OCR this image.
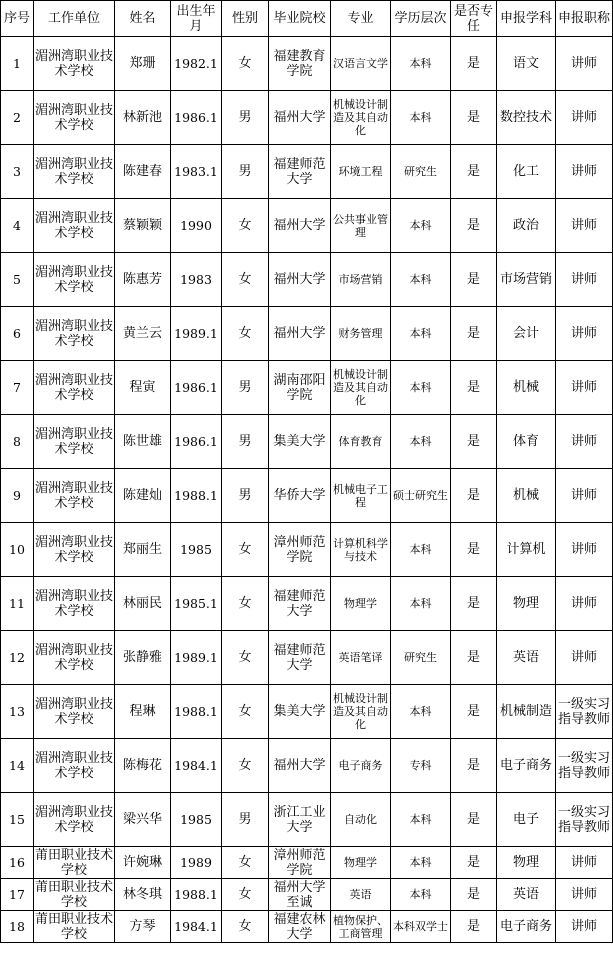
序号	工作单位	姓名	出生年月	性别	毕业院校	专业	学历层次	是否专任	申报学科	申报职称
1	湄洲湾职业技术学校	郑珊	1982.1	女	福建教育学院	汉语言文学	本科	是	语文	讲师
2	湄洲湾职业技术学校	林新池	1986.1	男	福州大学	机械设计制造及其自动化	本科	是	数控技术	讲师
3	湄洲湾职业技术学校	陈建春	1983.1	男	福建师范大学	环境工程	研究生	是	化工	讲师
4	湄洲湾职业技术学校	蔡颖颖	1990	女	福州大学	公共事业管理	本科	是	政治	讲师
5	湄洲湾职业技术学校	陈惠芳	1983	女	福州大学	市场营销	本科	是	市场营销	讲师
6	湄洲湾职业技术学校	黄兰云	1989.1	女	福州大学	财务管理	本科	是	会计	讲师
7	湄洲湾职业技术学校	程寅	1986.1	男	湖南邵阳学院	机械设计制造及其自动化	本科	是	机械	讲师
8	湄洲湾职业技术学校	陈世雄	1986.1	男	集美大学	体育教育	本科	是	体育	讲师
9	湄洲湾职业技术学校	陈建灿	1988.1	男	华侨大学	机械电子工程	硕士研究生	是	机械	讲师
10	湄洲湾职业技术学校	郑丽生	1985	女	漳州师范学院	计算机科学与技术	本科	是	计算机	讲师
11	湄洲湾职业技术学校	林丽民	1985.1	女	福建师范大学	物理学	本科	是	物理	讲师
12	湄洲湾职业技术学校	张静雅	1989.1	女	福建师范大学	英语笔译	研究生	是	英语	讲师
13	湄洲湾职业技术学校	程琳	1988.1	女	集美大学	机械设计制造及其自动化	本科	是	机械制造	一级实习指导教师
14	湄洲湾职业技术学校	陈梅花	1984.1	女	福州大学	电子商务	专科	是	电子商务	一级实习指导教师
15	湄洲湾职业技术学校	梁兴华	1985	男	浙江工业大学	自动化	本科	是	电子	一级实习指导教师
16	莆田职业技术学校	许婉琳	1989	女	漳州师范学院	物理学	本科	是	物理	讲师
17	莆田职业技术学校	林冬琪	1988.1	女	福州大学至诚	英语	本科	是	英语	讲师
18	莆田职业技术学校	方琴	1984.1	女	福建农林大学	植物保护、工商管理	本科双学士	是	电子商务	讲师
